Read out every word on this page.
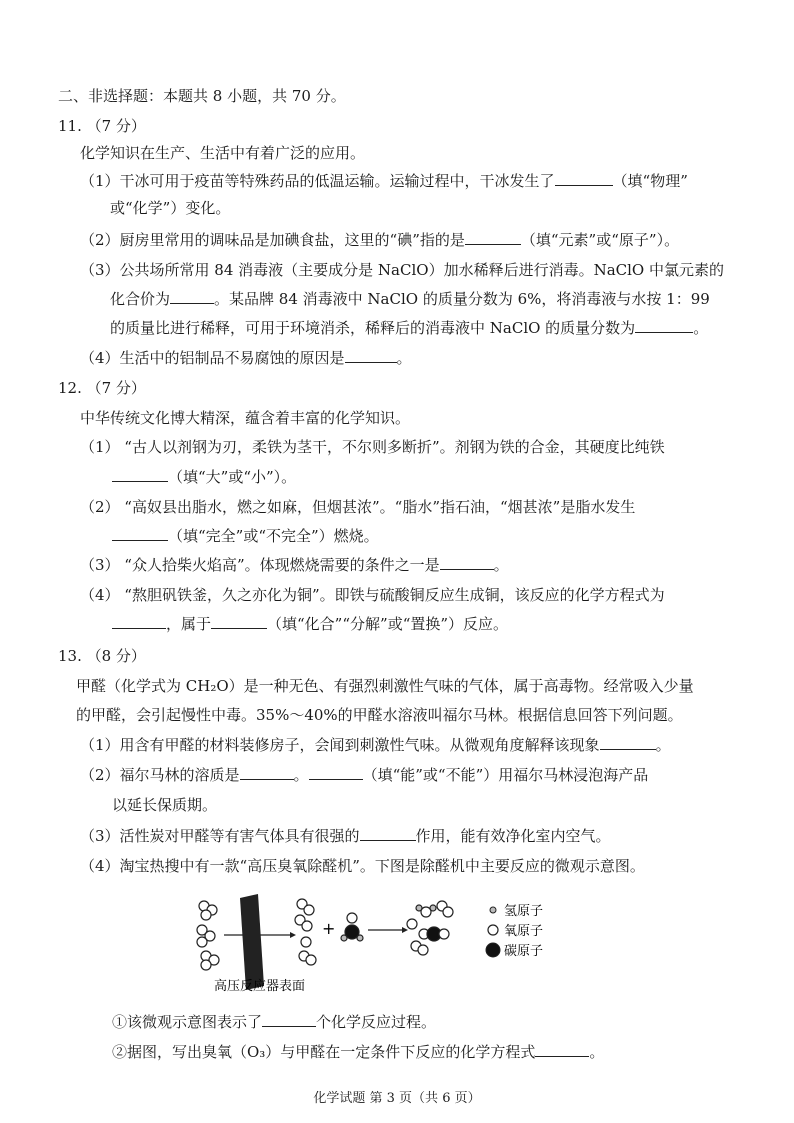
二、非选择题：本题共 8 小题，共 70 分。
11. （7 分）
化学知识在生产、生活中有着广泛的应用。
（1）干冰可用于疫苗等特殊药品的低温运输。运输过程中，干冰发生了	（填“物理”
或“化学”）变化。
（2）厨房里常用的调味品是加碘食盐，这里的“碘”指的是	（填“元素”或“原子”）。
（3）公共场所常用 84 消毒液（主要成分是 NaClO）加水稀释后进行消毒。NaClO 中氯元素的
化合价为	。某品牌 84 消毒液中 NaClO 的质量分数为 6%，将消毒液与水按 1：99
的质量比进行稀释，可用于环境消杀，稀释后的消毒液中 NaClO 的质量分数为	。
（4）生活中的铝制品不易腐蚀的原因是	。
12. （7 分）
中华传统文化博大精深，蕴含着丰富的化学知识。
（1） “古人以剂钢为刃，柔铁为茎干，不尔则多断折”。剂钢为铁的合金，其硬度比纯铁
（填“大”或“小”）。
（2） “高奴县出脂水，燃之如麻，但烟甚浓”。“脂水”指石油，“烟甚浓”是脂水发生
（填“完全”或“不完全”）燃烧。
（3） “众人拾柴火焰高”。体现燃烧需要的条件之一是	。
（4） “熬胆矾铁釜，久之亦化为铜”。即铁与硫酸铜反应生成铜，该反应的化学方程式为
，属于	（填“化合”“分解”或“置换”）反应。
13. （8 分）
甲醛（化学式为 CH₂O）是一种无色、有强烈刺激性气味的气体，属于高毒物。经常吸入少量
的甲醛，会引起慢性中毒。35%～40%的甲醛水溶液叫福尔马林。根据信息回答下列问题。
（1）用含有甲醛的材料装修房子，会闻到刺激性气味。从微观角度解释该现象	。
（2）福尔马林的溶质是	。	（填“能”或“不能”）用福尔马林浸泡海产品
以延长保质期。
（3）活性炭对甲醛等有害气体具有很强的	作用，能有效净化室内空气。
（4）淘宝热搜中有一款“高压臭氧除醛机”。下图是除醛机中主要反应的微观示意图。
+
氢原子
氧原子
碳原子
高压反应器表面
①该微观示意图表示了	个化学反应过程。
②据图，写出臭氧（O₃）与甲醛在一定条件下反应的化学方程式	。
化学试题 第 3 页（共 6 页）
